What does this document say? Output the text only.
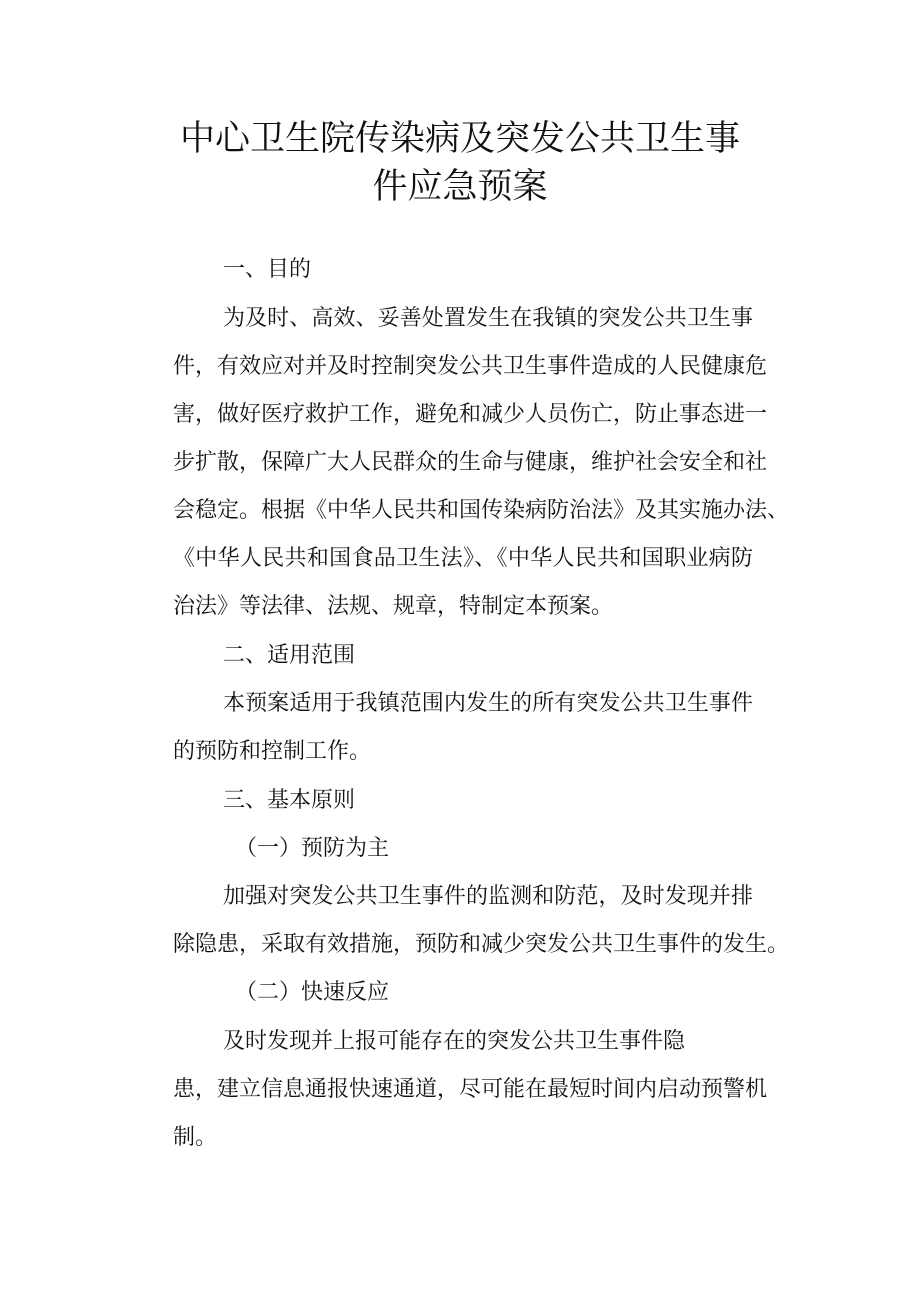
中心卫生院传染病及突发公共卫生事
件应急预案

一、目的

为及时、高效、妥善处置发生在我镇的突发公共卫生事

件，有效应对并及时控制突发公共卫生事件造成的人民健康危

害，做好医疗救护工作，避免和减少人员伤亡，防止事态进一

步扩散，保障广大人民群众的生命与健康，维护社会安全和社

会稳定。根据《中华人民共和国传染病防治法》及其实施办法、

《中华人民共和国食品卫生法》、《中华人民共和国职业病防

治法》等法律、法规、规章，特制定本预案。

二、适用范围

本预案适用于我镇范围内发生的所有突发公共卫生事件

的预防和控制工作。

三、基本原则

（一）预防为主

加强对突发公共卫生事件的监测和防范，及时发现并排

除隐患，采取有效措施，预防和减少突发公共卫生事件的发生。

（二）快速反应

及时发现并上报可能存在的突发公共卫生事件隐

患，建立信息通报快速通道，尽可能在最短时间内启动预警机

制。
